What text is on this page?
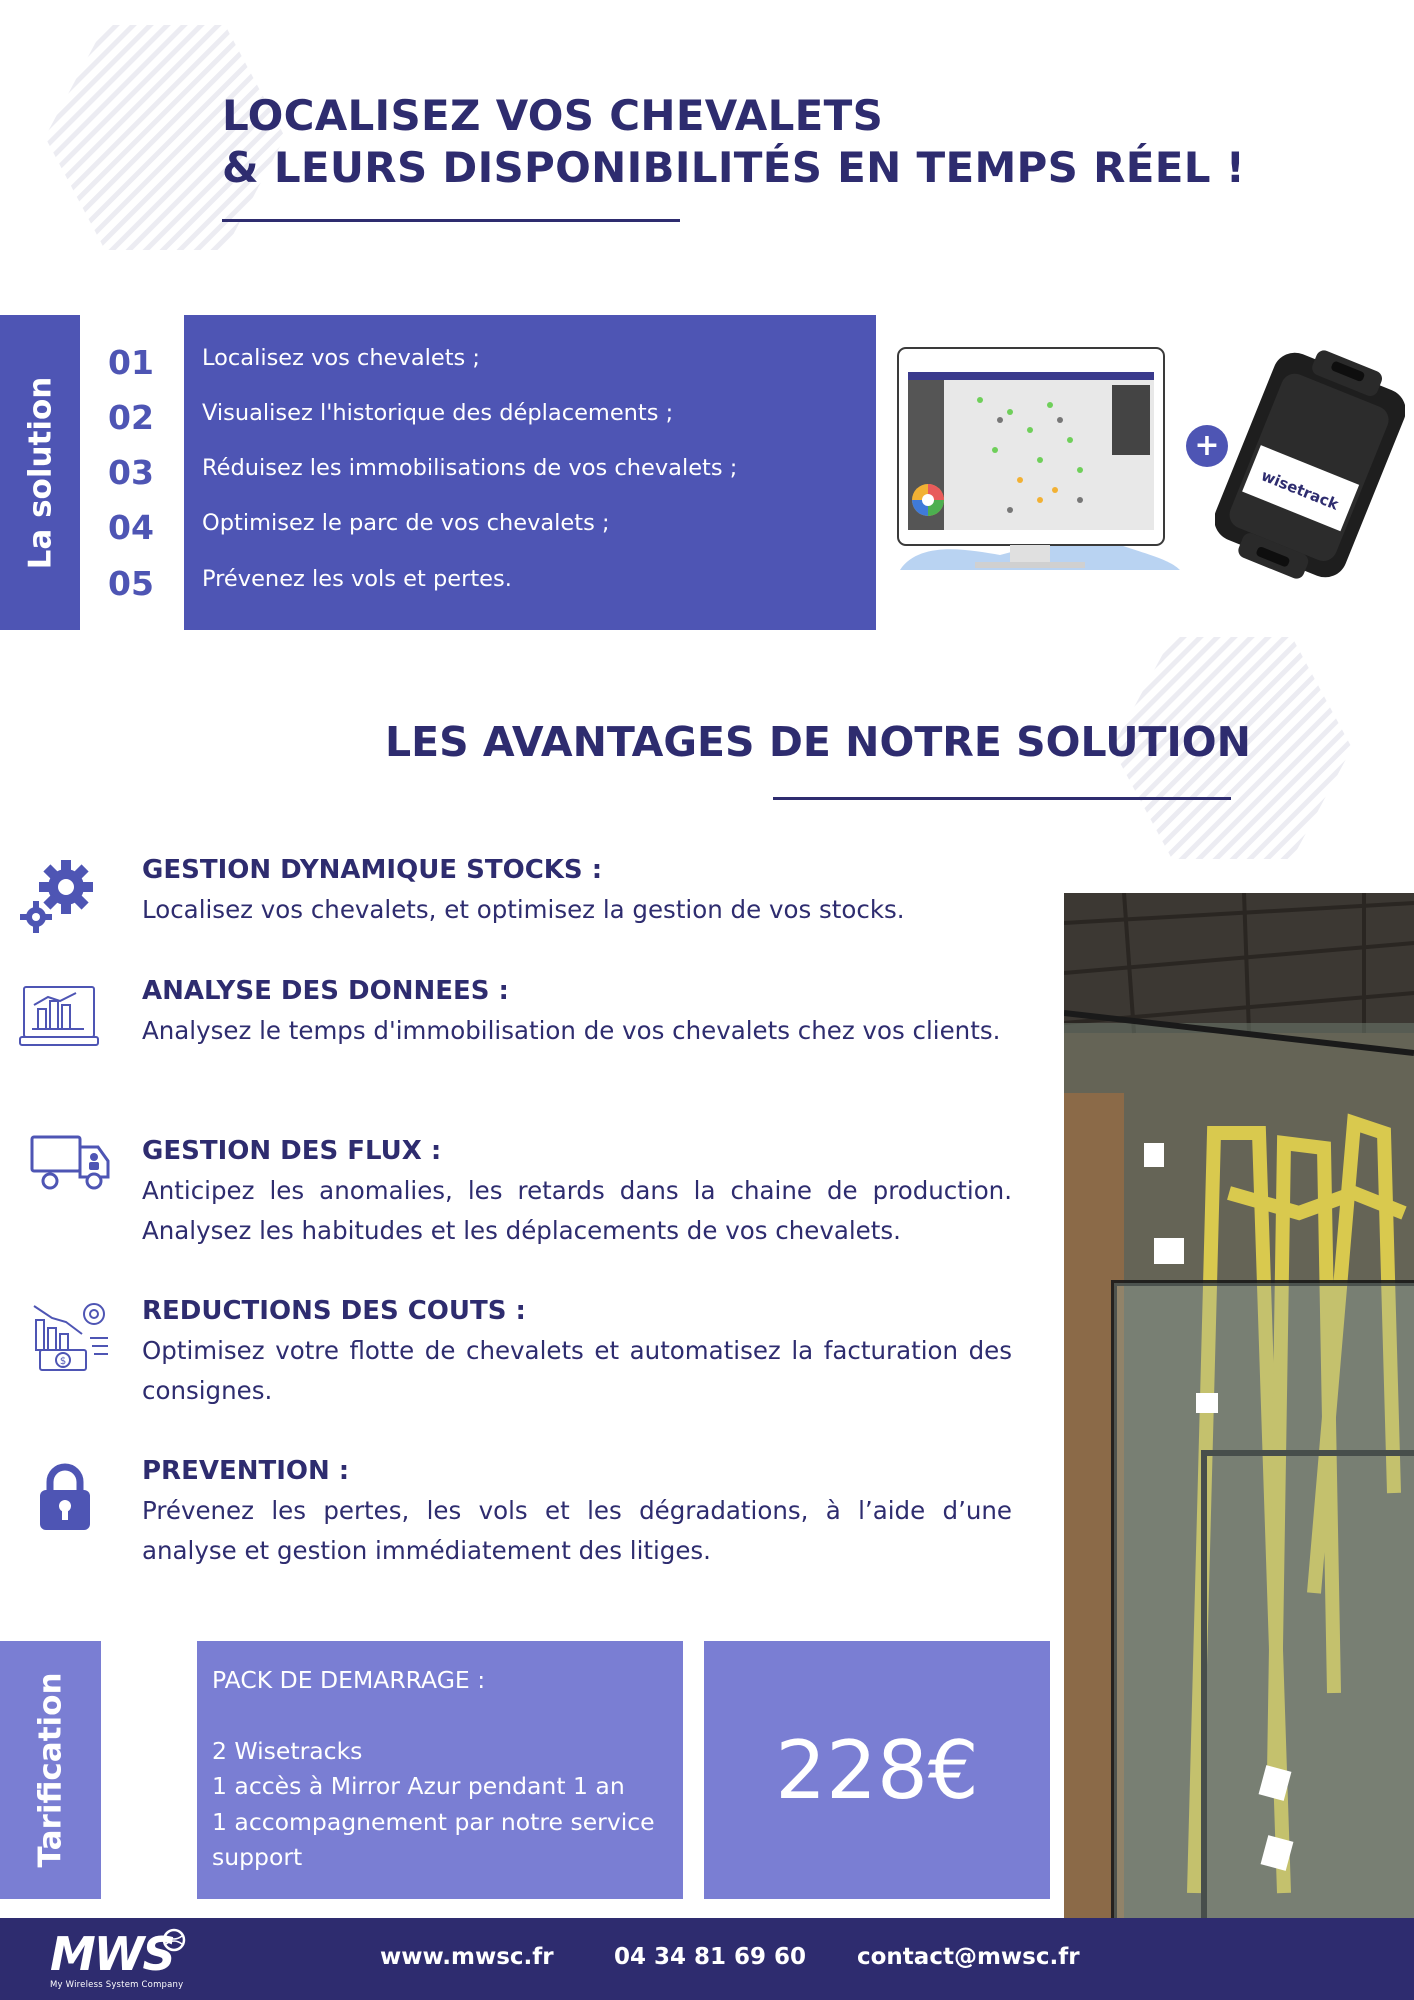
LOCALISEZ VOS CHEVALETS
& LEURS DISPONIBILITÉS EN TEMPS RÉEL !
La solution
01
02
03
04
05
Localisez vos chevalets ;
Visualisez l'historique des déplacements ;
Réduisez les immobilisations de vos chevalets ;
Optimisez le parc de vos chevalets ;
Prévenez les vols et pertes.
+
wisetrack
LES AVANTAGES DE NOTRE SOLUTION
$
GESTION DYNAMIQUE STOCKS :
Localisez vos chevalets, et optimisez la gestion de vos stocks.
ANALYSE DES DONNEES :
Analysez le temps d'immobilisation de vos chevalets chez vos clients.
GESTION DES FLUX :
Anticipez les anomalies, les retards dans la chaine de production. Analysez les habitudes et les déplacements de vos chevalets.
REDUCTIONS DES COUTS :
Optimisez votre flotte de chevalets et automatisez la facturation des consignes.
PREVENTION :
Prévenez les pertes, les vols et les dégradations, à l’aide d’une analyse et gestion immédiatement des litiges.
Tarification	PACK DE DEMARRAGE :
2 Wisetracks
1 accès à Mirror Azur pendant 1 an
1 accompagnement par notre service support
228€
MWS
My Wireless System Company
www.mwsc.fr	04 34 81 69 60 contact@mwsc.fr
